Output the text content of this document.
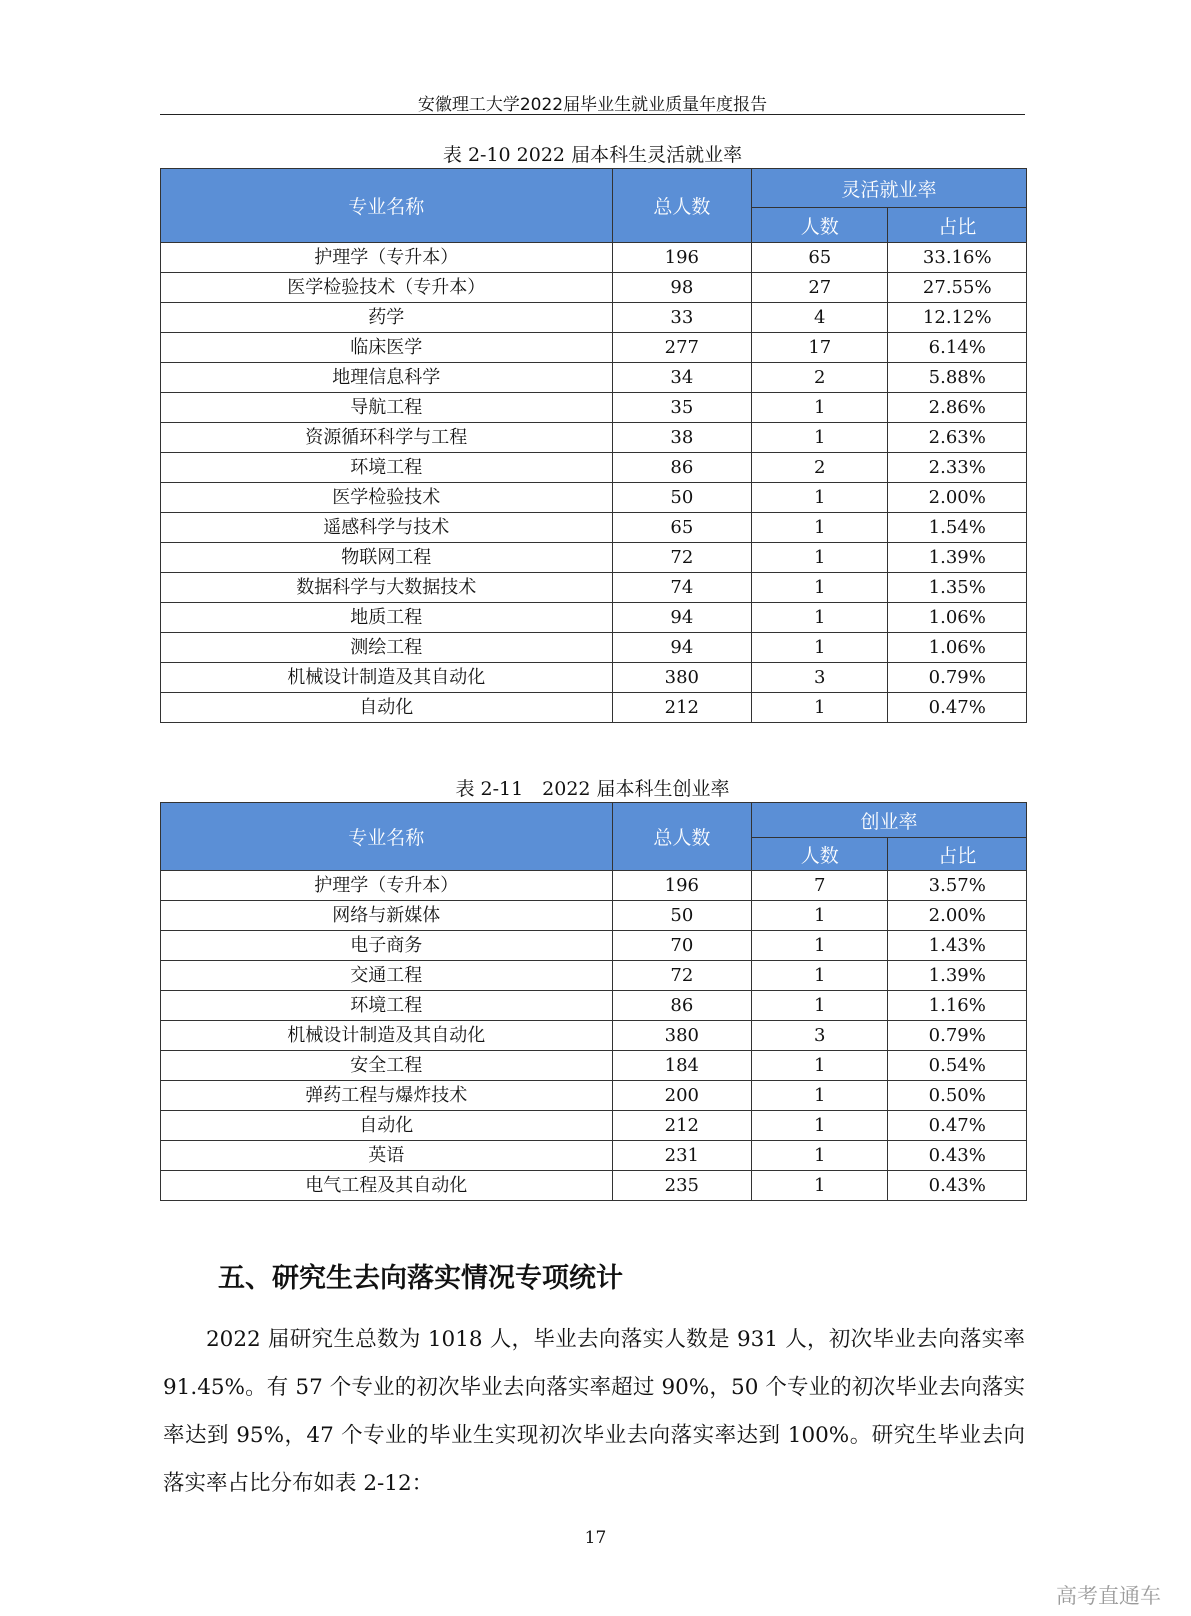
安徽理工大学2022届毕业生就业质量年度报告
表 2-10 2022 届本科生灵活就业率
专业名称	总人数	灵活就业率	
		人数	占比
护理学（专升本）	196	65	33.16%
医学检验技术（专升本）	98	27	27.55%
药学	33	4	12.12%
临床医学	277	17	6.14%
地理信息科学	34	2	5.88%
导航工程	35	1	2.86%
资源循环科学与工程	38	1	2.63%
环境工程	86	2	2.33%
医学检验技术	50	1	2.00%
遥感科学与技术	65	1	1.54%
物联网工程	72	1	1.39%
数据科学与大数据技术	74	1	1.35%
地质工程	94	1	1.06%
测绘工程	94	1	1.06%
机械设计制造及其自动化	380	3	0.79%
自动化	212	1	0.47%
表 2-11　2022 届本科生创业率
专业名称	总人数	创业率	
		人数	占比
护理学（专升本）	196	7	3.57%
网络与新媒体	50	1	2.00%
电子商务	70	1	1.43%
交通工程	72	1	1.39%
环境工程	86	1	1.16%
机械设计制造及其自动化	380	3	0.79%
安全工程	184	1	0.54%
弹药工程与爆炸技术	200	1	0.50%
自动化	212	1	0.47%
英语	231	1	0.43%
电气工程及其自动化	235	1	0.43%
五、研究生去向落实情况专项统计

2022 届研究生总数为 1018 人，毕业去向落实人数是 931 人，初次毕业去向落实率 91.45%。有 57 个专业的初次毕业去向落实率超过 90%，50 个专业的初次毕业去向落实率达到 95%，47 个专业的毕业生实现初次毕业去向落实率达到 100%。研究生毕业去向落实率占比分布如表 2-12：

17
高考直通车
